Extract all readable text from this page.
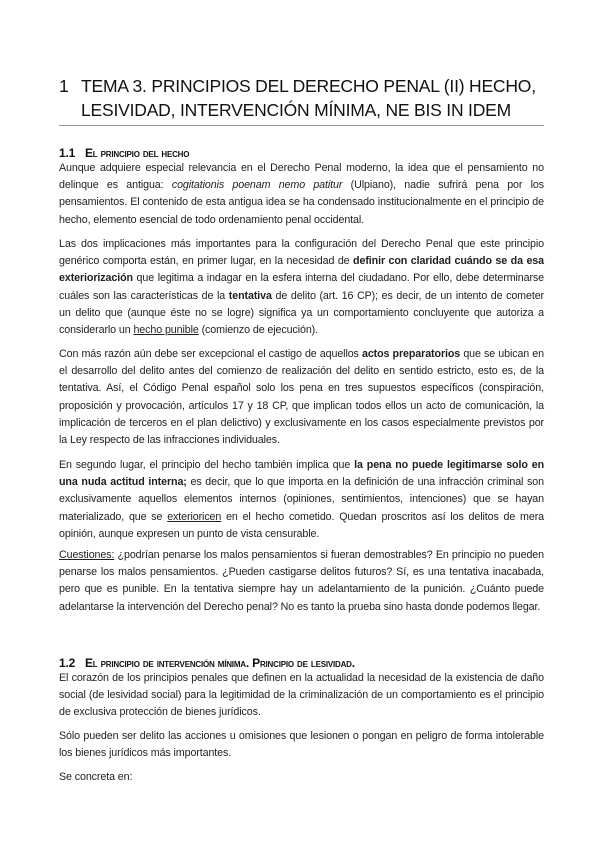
1 TEMA 3. PRINCIPIOS DEL DERECHO PENAL (II) HECHO, LESIVIDAD, INTERVENCIÓN MÍNIMA, NE BIS IN IDEM
1.1 El principio del hecho
Aunque adquiere especial relevancia en el Derecho Penal moderno, la idea que el pensamiento no delinque es antigua: cogitationis poenam nemo patitur (Ulpiano), nadie sufrirá pena por los pensamientos. El contenido de esta antigua idea se ha condensado institucionalmente en el principio de hecho, elemento esencial de todo ordenamiento penal occidental.
Las dos implicaciones más importantes para la configuración del Derecho Penal que este principio genérico comporta están, en primer lugar, en la necesidad de definir con claridad cuándo se da esa exteriorización que legitima a indagar en la esfera interna del ciudadano. Por ello, debe determinarse cuáles son las características de la tentativa de delito (art. 16 CP); es decir, de un intento de cometer un delito que (aunque éste no se logre) significa ya un comportamiento concluyente que autoriza a considerarlo un hecho punible (comienzo de ejecución).
Con más razón aún debe ser excepcional el castigo de aquellos actos preparatorios que se ubican en el desarrollo del delito antes del comienzo de realización del delito en sentido estricto, esto es, de la tentativa. Así, el Código Penal español solo los pena en tres supuestos específicos (conspiración, proposición y provocación, artículos 17 y 18 CP, que implican todos ellos un acto de comunicación, la implicación de terceros en el plan delictivo) y exclusivamente en los casos especialmente previstos por la Ley respecto de las infracciones individuales.
En segundo lugar, el principio del hecho también implica que la pena no puede legitimarse solo en una nuda actitud interna; es decir, que lo que importa en la definición de una infracción criminal son exclusivamente aquellos elementos internos (opiniones, sentimientos, intenciones) que se hayan materializado, que se exterioricen en el hecho cometido. Quedan proscritos así los delitos de mera opinión, aunque expresen un punto de vista censurable.
Cuestiones: ¿podrían penarse los malos pensamientos si fueran demostrables? En principio no pueden penarse los malos pensamientos. ¿Pueden castigarse delitos futuros? Sí, es una tentativa inacabada, pero que es punible. En la tentativa siempre hay un adelantamiento de la punición. ¿Cuánto puede adelantarse la intervención del Derecho penal? No es tanto la prueba sino hasta donde podemos llegar.
1.2 El principio de intervención mínima. Principio de lesividad.
El corazón de los principios penales que definen en la actualidad la necesidad de la existencia de daño social (de lesividad social) para la legitimidad de la criminalización de un comportamiento es el principio de exclusiva protección de bienes jurídicos.
Sólo pueden ser delito las acciones u omisiones que lesionen o pongan en peligro de forma intolerable los bienes jurídicos más importantes.
Se concreta en:
